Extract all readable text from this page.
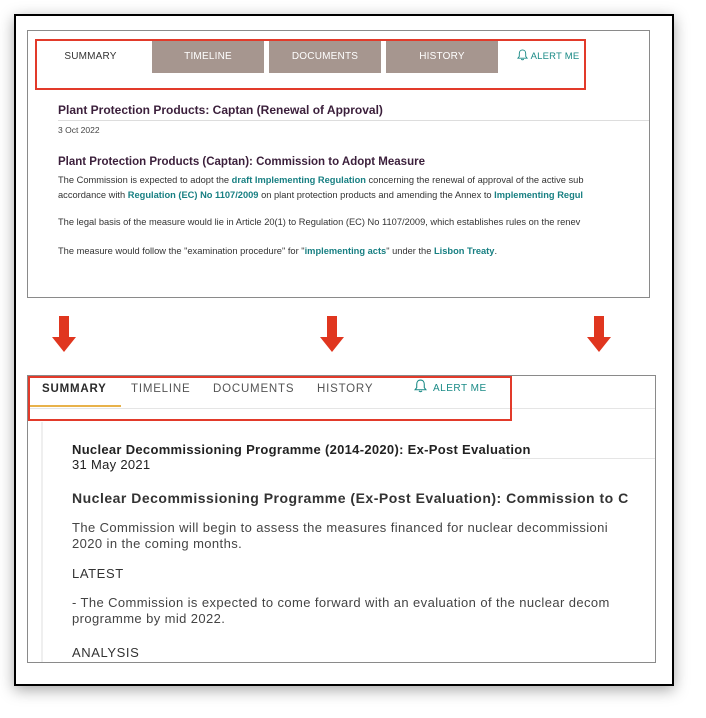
SUMMARY	TIMELINE	DOCUMENTS	HISTORY	ALERT ME
Plant Protection Products: Captan (Renewal of Approval)
3 Oct 2022
Plant Protection Products (Captan): Commission to Adopt Measure
The Commission is expected to adopt the draft Implementing Regulation concerning the renewal of approval of the active sub
accordance with Regulation (EC) No 1107/2009 on plant protection products and amending the Annex to Implementing Regul
The legal basis of the measure would lie in Article 20(1) to Regulation (EC) No 1107/2009, which establishes rules on the renev
The measure would follow the "examination procedure" for "implementing acts" under the Lisbon Treaty.
SUMMARY TIMELINE DOCUMENTS HISTORY	ALERT ME
Nuclear Decommissioning Programme (2014-2020): Ex-Post Evaluation
31 May 2021
Nuclear Decommissioning Programme (Ex-Post Evaluation): Commission to C
The Commission will begin to assess the measures financed for nuclear decommissioni
2020 in the coming months.
LATEST
- The Commission is expected to come forward with an evaluation of the nuclear decom
programme by mid 2022.
ANALYSIS
